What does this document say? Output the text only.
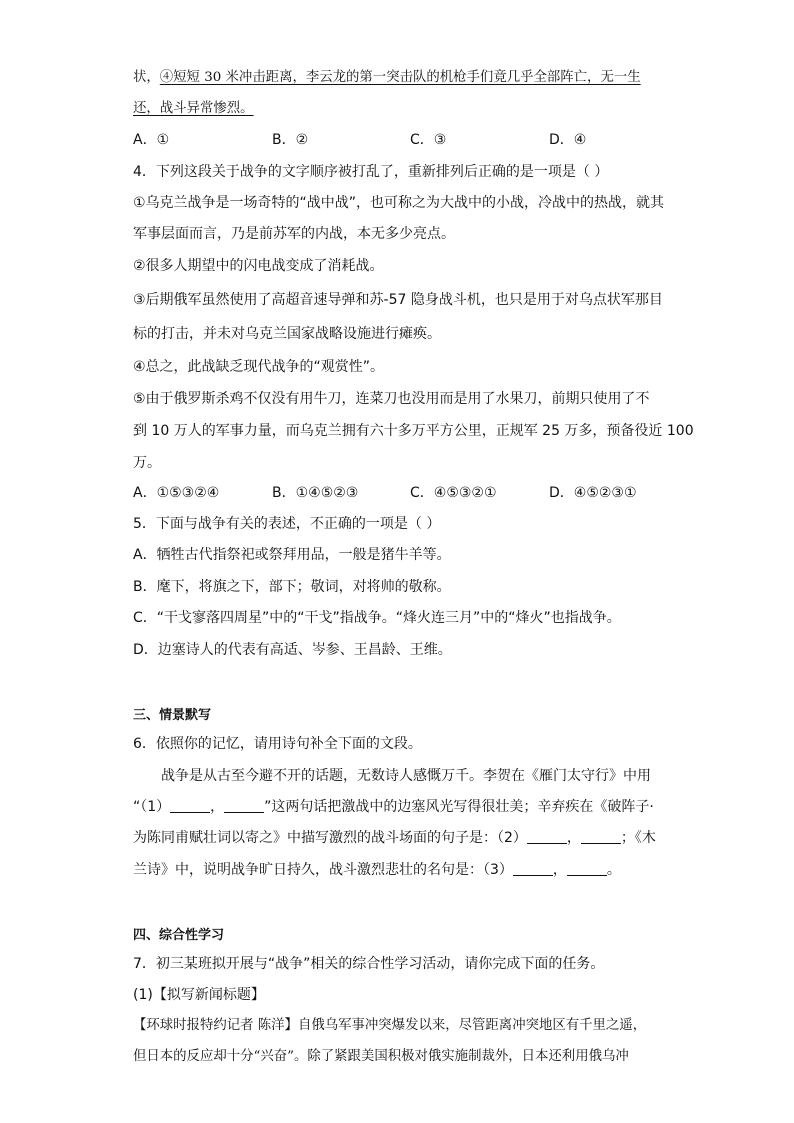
状，④短短 30 米冲击距离，李云龙的第一突击队的机枪手们竟几乎全部阵亡，无一生
还，战斗异常惨烈。
A．①	B．②	C．③	D．④
4．下列这段关于战争的文字顺序被打乱了，重新排列后正确的是一项是（ ）
①乌克兰战争是一场奇特的“战中战”，也可称之为大战中的小战，冷战中的热战，就其
军事层面而言，乃是前苏军的内战，本无多少亮点。
②很多人期望中的闪电战变成了消耗战。
③后期俄军虽然使用了高超音速导弹和苏-57 隐身战斗机，也只是用于对乌点状军那目
标的打击，并未对乌克兰国家战略设施进行瘫痪。
④总之，此战缺乏现代战争的“观赏性”。
⑤由于俄罗斯杀鸡不仅没有用牛刀，连菜刀也没用而是用了水果刀，前期只使用了不
到 10 万人的军事力量，而乌克兰拥有六十多万平方公里，正规军 25 万多，预备役近 100
万。
A．①⑤③②④	B．①④⑤②③	C．④⑤③②①	D．④⑤②③①
5．下面与战争有关的表述，不正确的一项是（ ）
A．牺牲古代指祭祀或祭拜用品，一般是猪牛羊等。
B．麾下，将旗之下，部下；敬词，对将帅的敬称。
C．“干戈寥落四周星”中的“干戈”指战争。“烽火连三月”中的“烽火”也指战争。
D．边塞诗人的代表有高适、岑参、王昌龄、王维。
三、情景默写
6．依照你的记忆，请用诗句补全下面的文段。
战争是从古至今避不开的话题，无数诗人感慨万千。李贺在《雁门太守行》中用
“（1）	，	”这两句话把激战中的边塞风光写得很壮美；辛弃疾在《破阵子·
为陈同甫赋壮词以寄之》中描写激烈的战斗场面的句子是：（2）	，	；《木
兰诗》中，说明战争旷日持久，战斗激烈悲壮的名句是：（3）	，	。
四、综合性学习
7．初三某班拟开展与“战争”相关的综合性学习活动，请你完成下面的任务。
(1)【拟写新闻标题】
【环球时报特约记者 陈洋】自俄乌军事冲突爆发以来，尽管距离冲突地区有千里之遥，
但日本的反应却十分“兴奋”。除了紧跟美国积极对俄实施制裁外，日本还利用俄乌冲
